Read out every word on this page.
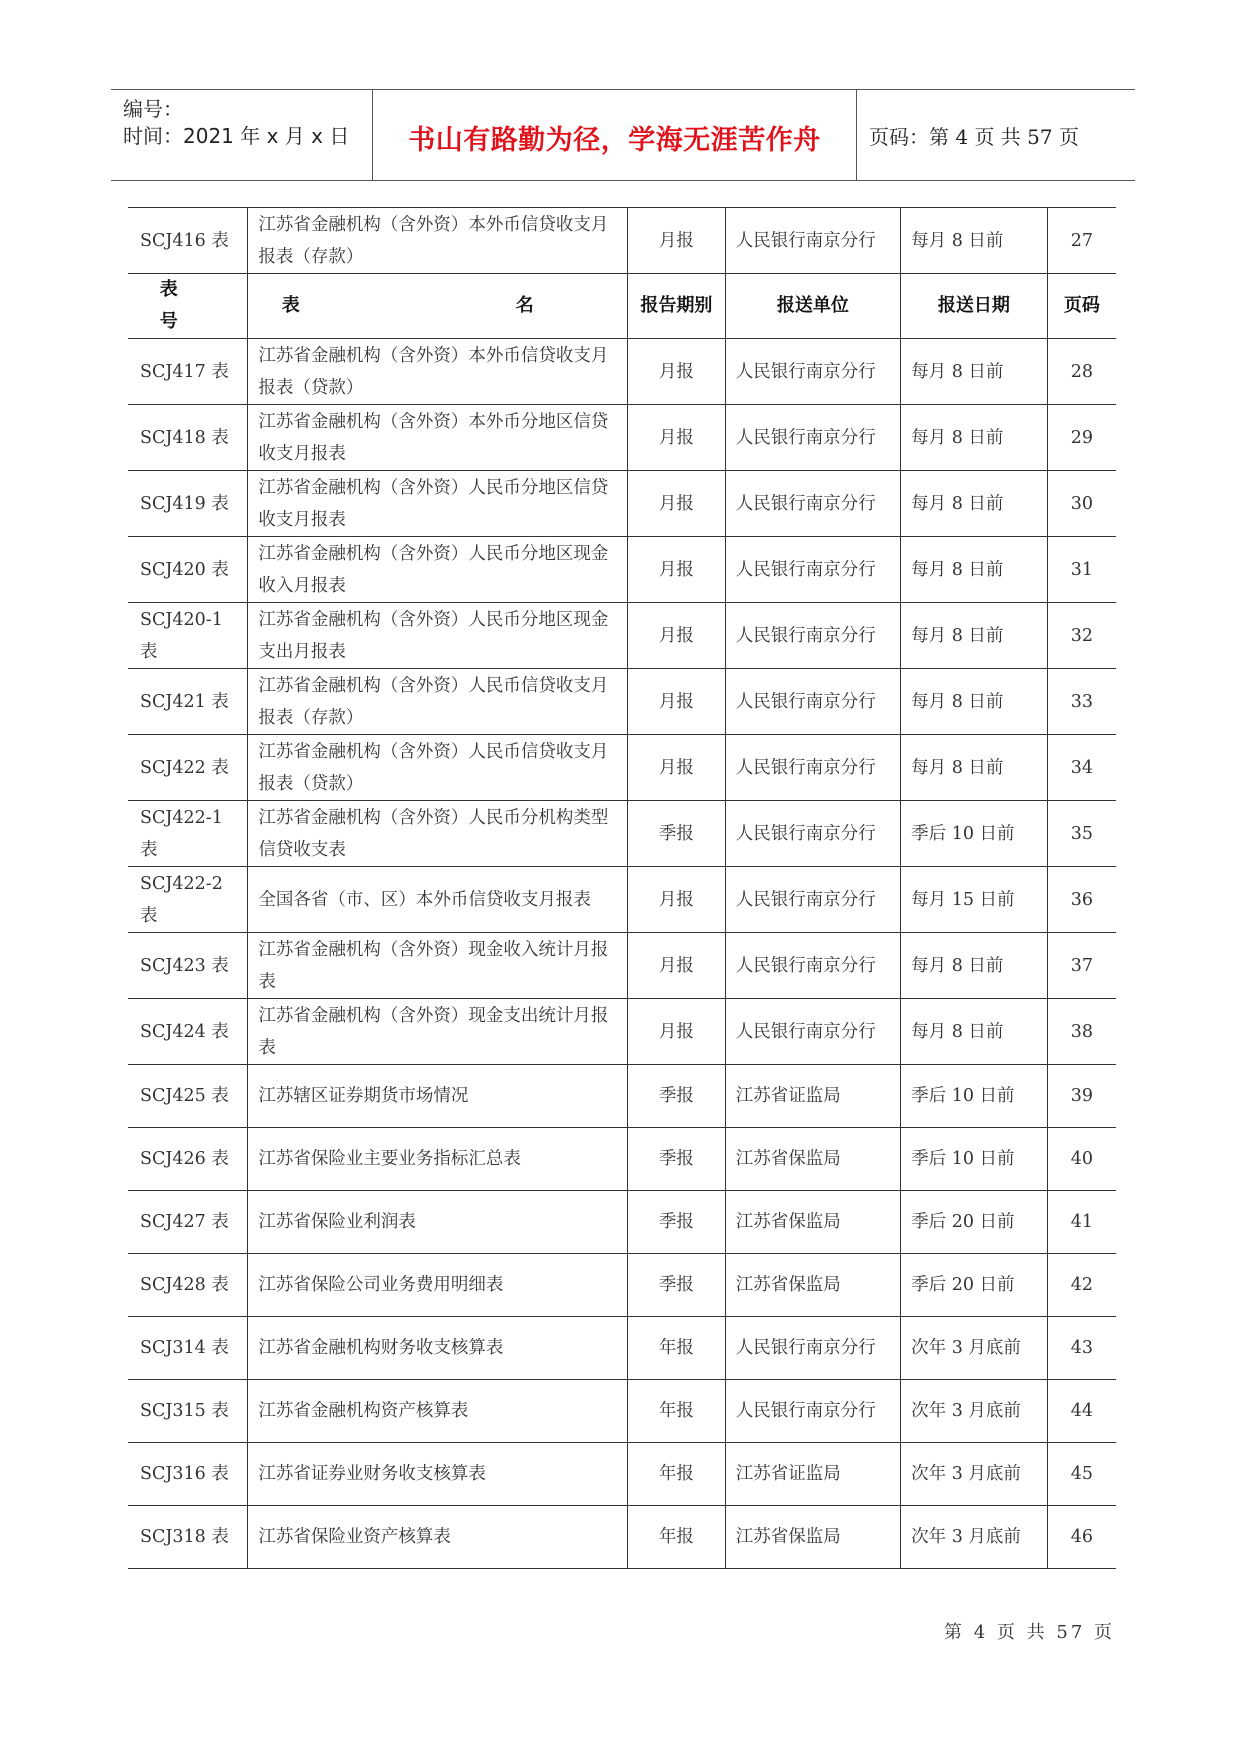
编号：
时间：2021 年 x 月 x 日 书山有路勤为径，学海无涯苦作舟 页码：第 4 页 共 57 页
SCJ416 表	江苏省金融机构（含外资）本外币信贷收支月报表（存款）	月报	人民银行南京分行	每月 8 日前	27
表　　号	表　　名	报告期别	报送单位	报送日期	页码
SCJ417 表	江苏省金融机构（含外资）本外币信贷收支月报表（贷款）	月报	人民银行南京分行	每月 8 日前	28
SCJ418 表	江苏省金融机构（含外资）本外币分地区信贷收支月报表	月报	人民银行南京分行	每月 8 日前	29
SCJ419 表	江苏省金融机构（含外资）人民币分地区信贷收支月报表	月报	人民银行南京分行	每月 8 日前	30
SCJ420 表	江苏省金融机构（含外资）人民币分地区现金收入月报表	月报	人民银行南京分行	每月 8 日前	31
SCJ420-1 表	江苏省金融机构（含外资）人民币分地区现金支出月报表	月报	人民银行南京分行	每月 8 日前	32
SCJ421 表	江苏省金融机构（含外资）人民币信贷收支月报表（存款）	月报	人民银行南京分行	每月 8 日前	33
SCJ422 表	江苏省金融机构（含外资）人民币信贷收支月报表（贷款）	月报	人民银行南京分行	每月 8 日前	34
SCJ422-1 表	江苏省金融机构（含外资）人民币分机构类型信贷收支表	季报	人民银行南京分行	季后 10 日前	35
SCJ422-2 表	全国各省（市、区）本外币信贷收支月报表	月报	人民银行南京分行	每月 15 日前	36
SCJ423 表	江苏省金融机构（含外资）现金收入统计月报表	月报	人民银行南京分行	每月 8 日前	37
SCJ424 表	江苏省金融机构（含外资）现金支出统计月报表	月报	人民银行南京分行	每月 8 日前	38
SCJ425 表	江苏辖区证券期货市场情况	季报	江苏省证监局	季后 10 日前	39
SCJ426 表	江苏省保险业主要业务指标汇总表	季报	江苏省保监局	季后 10 日前	40
SCJ427 表	江苏省保险业利润表	季报	江苏省保监局	季后 20 日前	41
SCJ428 表	江苏省保险公司业务费用明细表	季报	江苏省保监局	季后 20 日前	42
SCJ314 表	江苏省金融机构财务收支核算表	年报	人民银行南京分行	次年 3 月底前	43
SCJ315 表	江苏省金融机构资产核算表	年报	人民银行南京分行	次年 3 月底前	44
SCJ316 表	江苏省证券业财务收支核算表	年报	江苏省证监局	次年 3 月底前	45
SCJ318 表	江苏省保险业资产核算表	年报	江苏省保监局	次年 3 月底前	46
第 4 页 共 57 页
